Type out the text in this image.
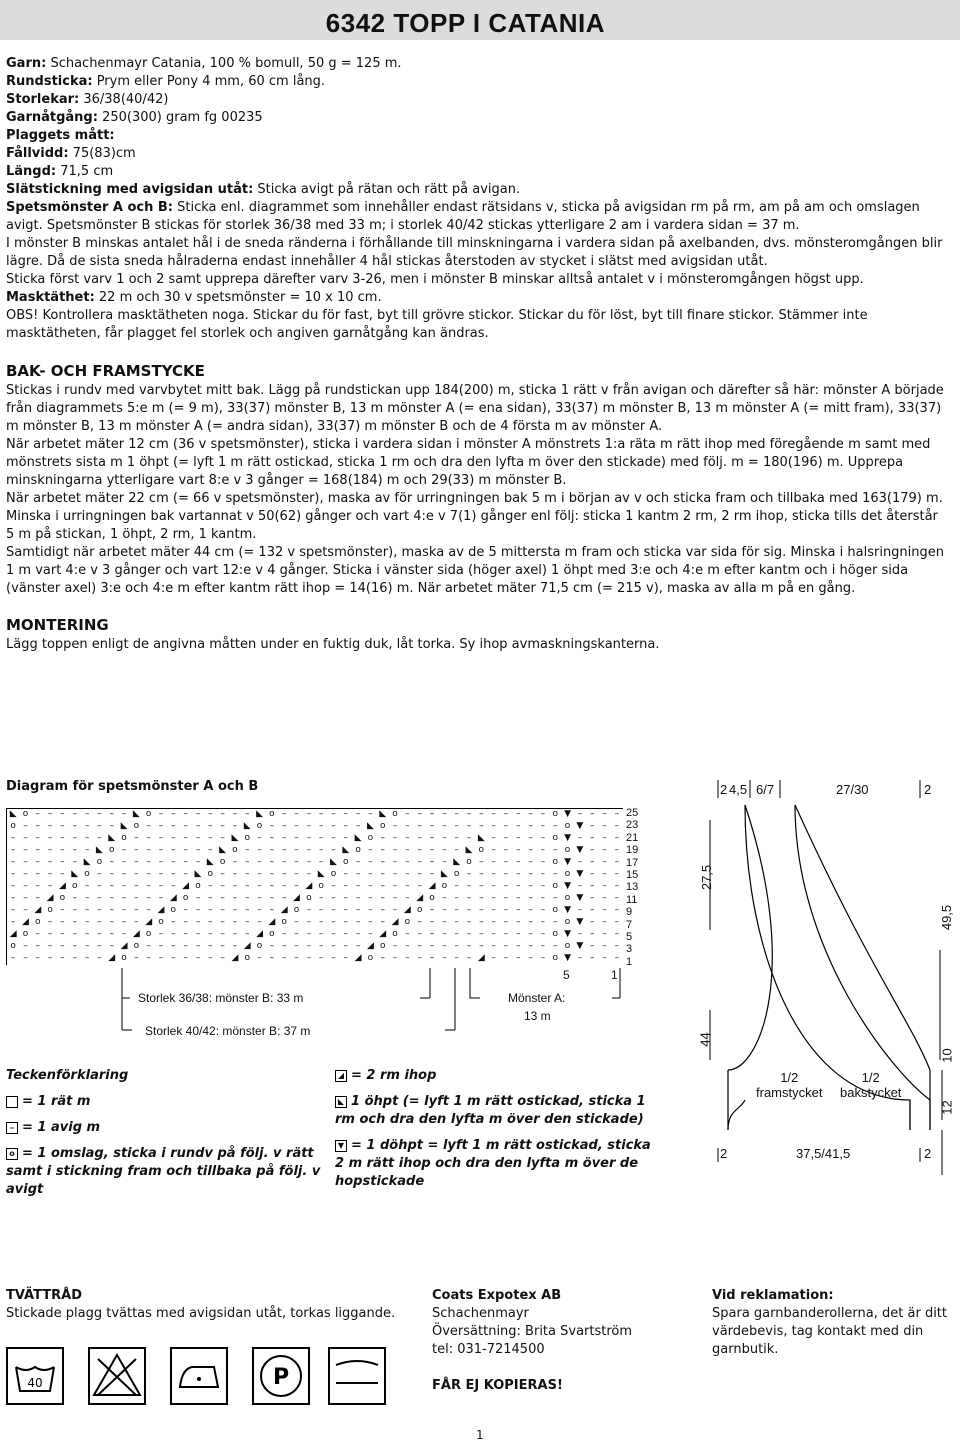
6342 TOPP I CATANIA

Garn: Schachenmayr Catania, 100 % bomull, 50 g = 125 m.

Rundsticka: Prym eller Pony 4 mm, 60 cm lång.

Storlekar: 36/38(40/42)

Garnåtgång: 250(300) gram fg 00235

Plaggets mått:

Fållvidd: 75(83)cm

Längd: 71,5 cm

Slätstickning med avigsidan utåt: Sticka avigt på rätan och rätt på avigan.

Spetsmönster A och B: Sticka enl. diagrammet som innehåller endast rätsidans v, sticka på avigsidan rm på rm, am på am och omslagen avigt. Spetsmönster B stickas för storlek 36/38 med 33 m; i storlek 40/42 stickas ytterligare 2 am i vardera sidan = 37 m.

I mönster B minskas antalet hål i de sneda ränderna i förhållande till minskningarna i vardera sidan på axelbanden, dvs. mönsteromgången blir lägre. Då de sista sneda hålraderna endast innehåller 4 hål stickas återstoden av stycket i slätst med avigsidan utåt.

Sticka först varv 1 och 2 samt upprepa därefter varv 3-26, men i mönster B minskar alltså antalet v i mönsteromgången högst upp.

Masktäthet: 22 m och 30 v spetsmönster = 10 x 10 cm.

OBS! Kontrollera masktätheten noga. Stickar du för fast, byt till grövre stickor. Stickar du för löst, byt till finare stickor. Stämmer inte masktätheten, får plagget fel storlek och angiven garnåtgång kan ändras.

BAK- OCH FRAMSTYCKE

Stickas i rundv med varvbytet mitt bak. Lägg på rundstickan upp 184(200) m, sticka 1 rätt v från avigan och därefter så här: mönster A började från diagrammets 5:e m (= 9 m), 33(37) mönster B, 13 m mönster A (= ena sidan), 33(37) m mönster B, 13 m mönster A (= mitt fram), 33(37) m mönster B, 13 m mönster A (= andra sidan), 33(37) m mönster B och de 4 första m av mönster A.

När arbetet mäter 12 cm (36 v spetsmönster), sticka i vardera sidan i mönster A mönstrets 1:a räta m rätt ihop med föregående m samt med mönstrets sista m 1 öhpt (= lyft 1 m rätt ostickad, sticka 1 rm och dra den lyfta m över den stickade) med följ. m = 180(196) m. Upprepa minskningarna ytterligare vart 8:e v 3 gånger = 168(184) m och 29(33) m mönster B.

När arbetet mäter 22 cm (= 66 v spetsmönster), maska av för urringningen bak 5 m i början av v och sticka fram och tillbaka med 163(179) m. Minska i urringningen bak vartannat v 50(62) gånger och vart 4:e v 7(1) gånger enl följ: sticka 1 kantm 2 rm, 2 rm ihop, sticka tills det återstår 5 m på stickan, 1 öhpt, 2 rm, 1 kantm.

Samtidigt när arbetet mäter 44 cm (= 132 v spetsmönster), maska av de 5 mittersta m fram och sticka var sida för sig. Minska i halsringningen 1 m vart 4:e v 3 gånger och vart 12:e v 4 gånger. Sticka i vänster sida (höger axel) 1 öhpt med 3:e och 4:e m efter kantm och i höger sida (vänster axel) 3:e och 4:e m efter kantm rätt ihop = 14(16) m. När arbetet mäter 71,5 cm (= 215 v), maska av alla m på en gång.

MONTERING

Lägg toppen enligt de angivna måtten under en fuktig duk, låt torka. Sy ihop avmaskningskanterna.

Diagram för spetsmönster A och B
◣ o – – – – – – – – ◣ o – – – – – – – – ◣ o – – – – – – – – ◣ o – – – – – – – – – – – – o ▼ – – – –
o – – – – – – – – ◣ o – – – – – – – – ◣ o – – – – – – – – ◣ o – – – – – – – – – – – – – – o ▼ – – –
– – – – – – – – ◣ o – – – – – – – – ◣ o – – – – – – – – ◣ o – – – – – – – – ◣ – – – – – o ▼ – – – –
– – – – – – – ◣ o – – – – – – – – ◣ o – – – – – – – – ◣ o – – – – – – – – ◣ o – – – – – – o ▼ – – –
– – – – – – ◣ o – – – – – – – – ◣ o – – – – – – – – ◣ o – – – – – – – – ◣ o – – – – – – o ▼ – – – –
– – – – – ◣ o – – – – – – – – ◣ o – – – – – – – – ◣ o – – – – – – – – ◣ o – – – – – – – – o ▼ – – –
– – – – ◢ o – – – – – – – – ◢ o – – – – – – – – ◢ o – – – – – – – – ◢ o – – – – – – – – o ▼ – – – –
– – – ◢ o – – – – – – – – ◢ o – – – – – – – – ◢ o – – – – – – – – ◢ o – – – – – – – – – – o ▼ – – –
– – ◢ o – – – – – – – – ◢ o – – – – – – – – ◢ o – – – – – – – – ◢ o – – – – – – – – – – o ▼ – – – –
– ◢ o – – – – – – – – ◢ o – – – – – – – – ◢ o – – – – – – – – ◢ o – – – – – – – – – – – – o ▼ – – –
◢ o – – – – – – – – ◢ o – – – – – – – – ◢ o – – – – – – – – ◢ o – – – – – – – – – – – – o ▼ – – – –
o – – – – – – – – ◢ o – – – – – – – – ◢ o – – – – – – – – ◢ o – – – – – – – – – – – – – – o ▼ – – –
– – – – – – – – ◢ o – – – – – – – – ◢ o – – – – – – – – ◢ o – – – – – – – – ◢ – – – – – o ▼ – – – –
25
23
21
19
17
15
13
11
9
7
5
3
1
5	1
Storlek 36/38: mönster B: 33 m
Storlek 40/42: mönster B: 37 m
Mönster A:
13 m
Teckenförklaring
= 1 rät m
– = 1 avig m
o = 1 omslag, sticka i rundv på följ. v rätt samt i stickning fram och tillbaka på följ. v avigt
◢ = 2 rm ihop
◣ 1 öhpt (= lyft 1 m rätt ostickad, sticka 1 rm och dra den lyfta m över den stickade)
▼ = 1 döhpt = lyft 1 m rätt ostickad, sticka 2 m rätt ihop och dra den lyfta m över de hopstickade
2 4,5 6/7	27/30	2
27,5
44
49,5
10
12
1/2
framstycket
1/2
bakstycket
2	37,5/41,5	2
TVÄTTRÅD
Stickade plagg tvättas med avigsidan utåt, torkas liggande.
40	P
Coats Expotex AB
Schachenmayr
Översättning: Brita Svartström
tel: 031-7214500
FÅR EJ KOPIERAS!
Vid reklamation:
Spara garnbanderollerna, det är ditt
värdebevis, tag kontakt med din
garnbutik.
1
